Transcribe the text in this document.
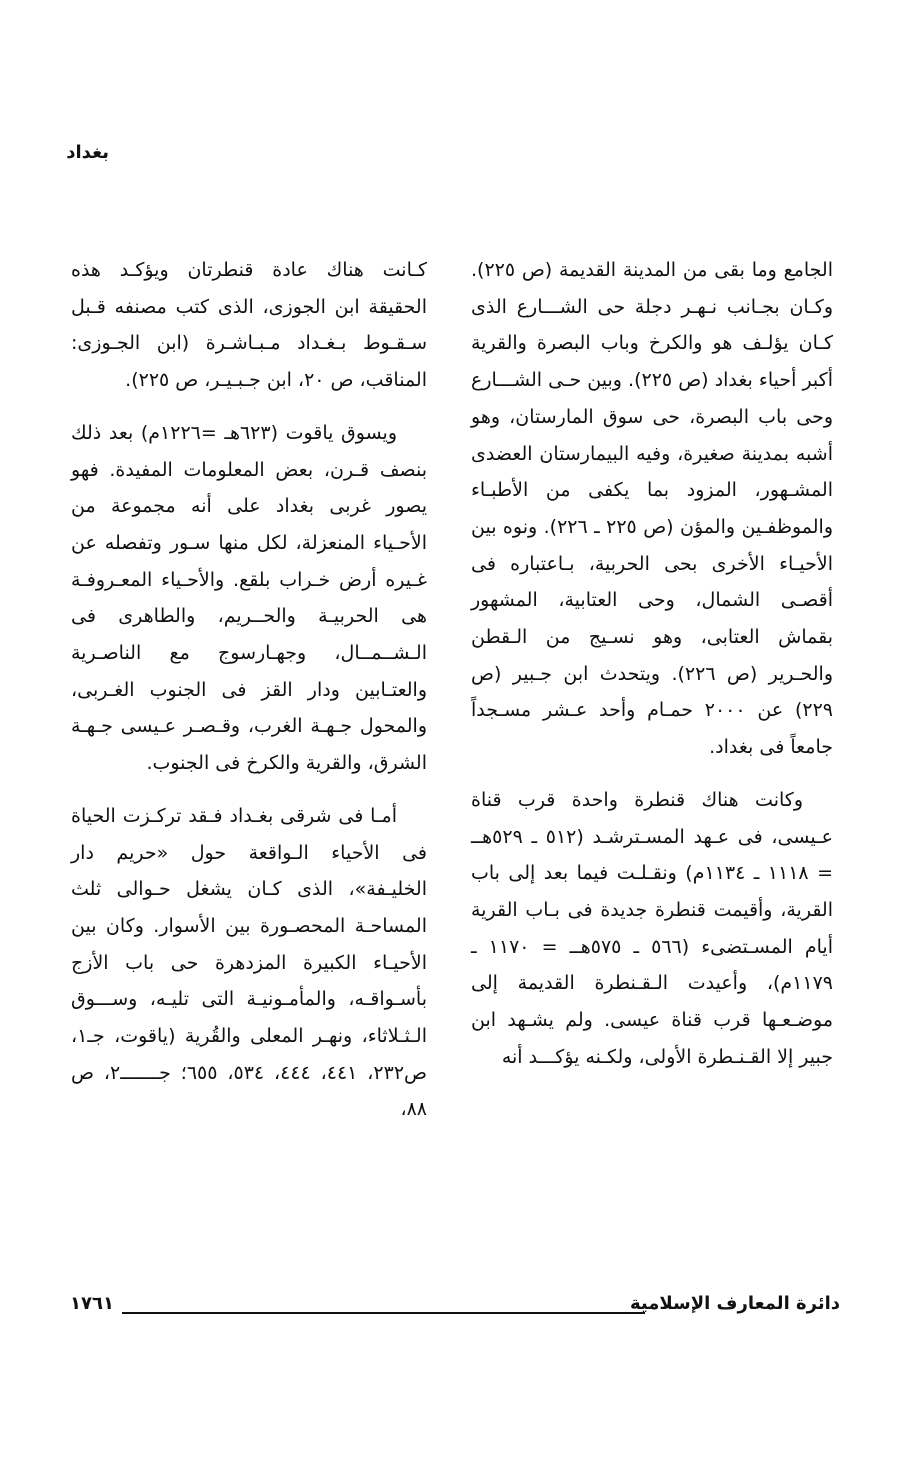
بغداد

الجامع وما بقى من المدينة القديمة (ص ٢٢٥). وكـان بجـانب نـهـر دجلة حى الشـــارع الذى كـان يؤلـف هو والكرخ وباب البصرة والقرية أكبر أحياء بغداد (ص ٢٢٥). وبين حـى الشـــارع وحى باب البصرة، حى سوق المارستان، وهو أشبه بمدينة صغيرة، وفيه البيمارستان العضدى المشـهور، المزود بما يكفى من الأطبـاء والموظفـين والمؤن (ص ٢٢٥ ـ ٢٢٦). ونوه بين الأحيـاء الأخرى بحى الحربية، بـاعتباره فى أقصـى الشمال، وحى العتابية، المشهور بقماش العتابى، وهو نسـيج من الـقطن والحـرير (ص ٢٢٦). ويتحدث ابن جـبير (ص ٢٢٩) عن ٢٠٠٠ حمـام وأحد عـشر مسـجداً جامعاً فى بغداد.

وكانت هناك قنطرة واحدة قرب قناة عـيسى، فى عـهد المسـترشـد (٥١٢ ـ ٥٢٩هــ = ١١١٨ ـ ١١٣٤م) ونقـلـت فيما بعد إلى باب القرية، وأقيمت قنطرة جديدة فى بـاب القرية أيام المسـتضىء (٥٦٦ ـ ٥٧٥هــ = ١١٧٠ ـ ١١٧٩م)، وأعيدت الـقـنطرة القديمة إلى موضـعـها قرب قناة عيسى. ولم يشـهد ابن جبير إلا القـنـطرة الأولى، ولكـنه يؤكـــد أنه

كـانت هناك عادة قنطرتان ويؤكـد هذه الحقيقة ابن الجوزى، الذى كتب مصنفه قـبل سـقـوط بـغـداد مـبـاشـرة (ابن الجـوزى: المناقب، ص ٢٠، ابن جـبـيـر، ص ٢٢٥).

ويسوق ياقوت (٦٢٣هـ =١٢٢٦م) بعد ذلك بنصف قـرن، بعض المعلومات المفيدة. فهو يصور غربى بغداد على أنه مجموعة من الأحـياء المنعزلة، لكل منها سـور وتفصله عن غـيره أرض خـراب بلقع. والأحـياء المعـروفـة هى الحربيـة والحــريم، والطاهرى فى الـشــمــال، وجهـارسوج مع الناصـرية والعتـابين ودار القز فى الجنوب الغـربى، والمحول جـهـة الغرب، وقـصـر عـيسى جـهـة الشرق، والقرية والكرخ فى الجنوب.

أمـا فى شرقى بغـداد فـقد تركـزت الحياة فى الأحياء الـواقعة حول «حريم دار الخليـفة»، الذى كـان يشغل حـوالى ثلث المساحـة المحصـورة بين الأسوار. وكان بين الأحيـاء الكبيرة المزدهرة حى باب الأزج بأسـواقـه، والمأمـونيـة التى تليـه، وســـوق الـثـلاثاء، ونهـر المعلى والقُرية (ياقوت، جـ١، ص٢٣٢، ٤٤١، ٤٤٤، ٥٣٤، ٦٥٥؛ جـــــــ٢، ص ٨٨،

١٧٦١	دائرة المعارف الإسلامية
